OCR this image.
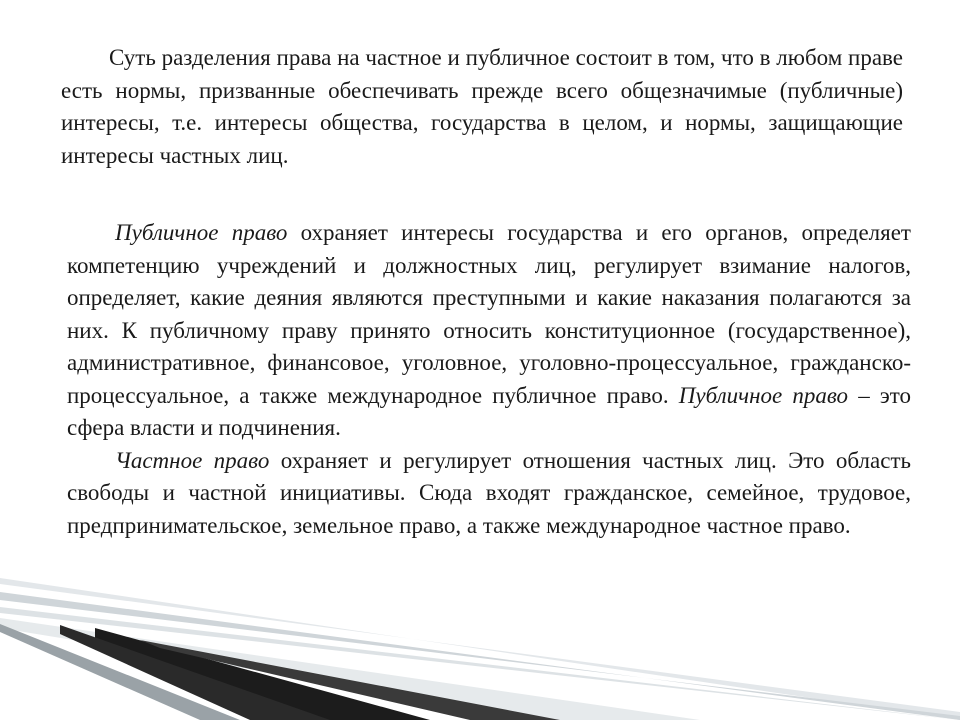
Суть разделения права на частное и публичное состоит в том, что в любом праве есть нормы, призванные обеспечивать прежде всего общезначимые (публичные) интересы, т.е. интересы общества, государства в целом, и нормы, защищающие интересы частных лиц.

Публичное право охраняет интересы государства и его органов, определяет компетенцию учреждений и должностных лиц, регулирует взимание налогов, определяет, какие деяния являются преступными и какие наказания полагаются за них. К публичному праву принято относить конституционное (государственное), административное, финансовое, уголовное, уголовно-процессуальное, гражданско-процессуальное, а также международное публичное право. Публичное право – это сфера власти и подчинения.

Частное право охраняет и регулирует отношения частных лиц. Это область свободы и частной инициативы. Сюда входят гражданское, семейное, трудовое, предпринимательское, земельное право, а также международное частное право.
